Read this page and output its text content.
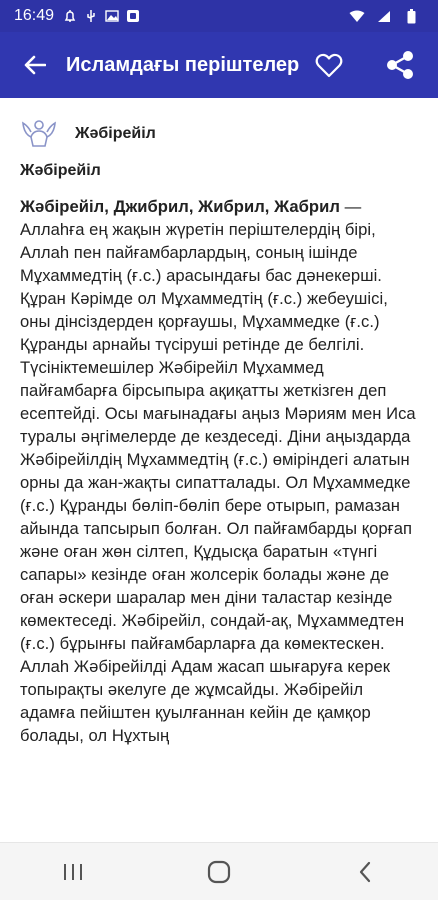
16:49
Исламдағы періштелер
Жәбірейіл
Жәбірейіл

Жәбірейіл, Джибрил, Жибрил, Жабрил — Аллаһға ең жақын жүретін періштелердің бірі, Аллаһ пен пайғамбарлардың, соның ішінде Мұхаммедтің (ғ.с.) арасындағы бас дәнекерші. Құран Кәрімде ол Мұхаммедтің (ғ.с.) жебеушісі, оны дінсіздерден қорғаушы, Мұхаммедке (ғ.с.) Құранды арнайы түсіруші ретінде де белгілі. Түсініктемешілер Жәбірейіл Мұхаммед пайғамбарға бірсыпыра ақиқатты жеткізген деп есептейді. Осы мағынадағы аңыз Мәриям мен Иса туралы әңгімелерде де кездеседі. Діни аңыздарда Жәбірейілдің Мұхаммедтің (ғ.с.) өміріндегі алатын орны да жан-жақты сипатталады. Ол Мұхаммедке (ғ.с.) Құранды бөліп-бөліп бере отырып, рамазан айында тапсырып болған. Ол пайғамбарды қорғап және оған жөн сілтеп, Құдысқа баратын «түнгі сапары» кезінде оған жолсерік болады және де оған әскери шаралар мен діни таластар кезінде көмектеседі. Жәбірейіл, сондай-ақ, Мұхаммедтен (ғ.с.) бұрынғы пайғамбарларға да көмектескен. Аллаһ Жәбірейілді Адам жасап шығаруға керек топырақты әкелуге де жұмсайды. Жәбірейіл адамға пейіштен қуылғаннан кейін де қамқор болады, ол Нұхтың
